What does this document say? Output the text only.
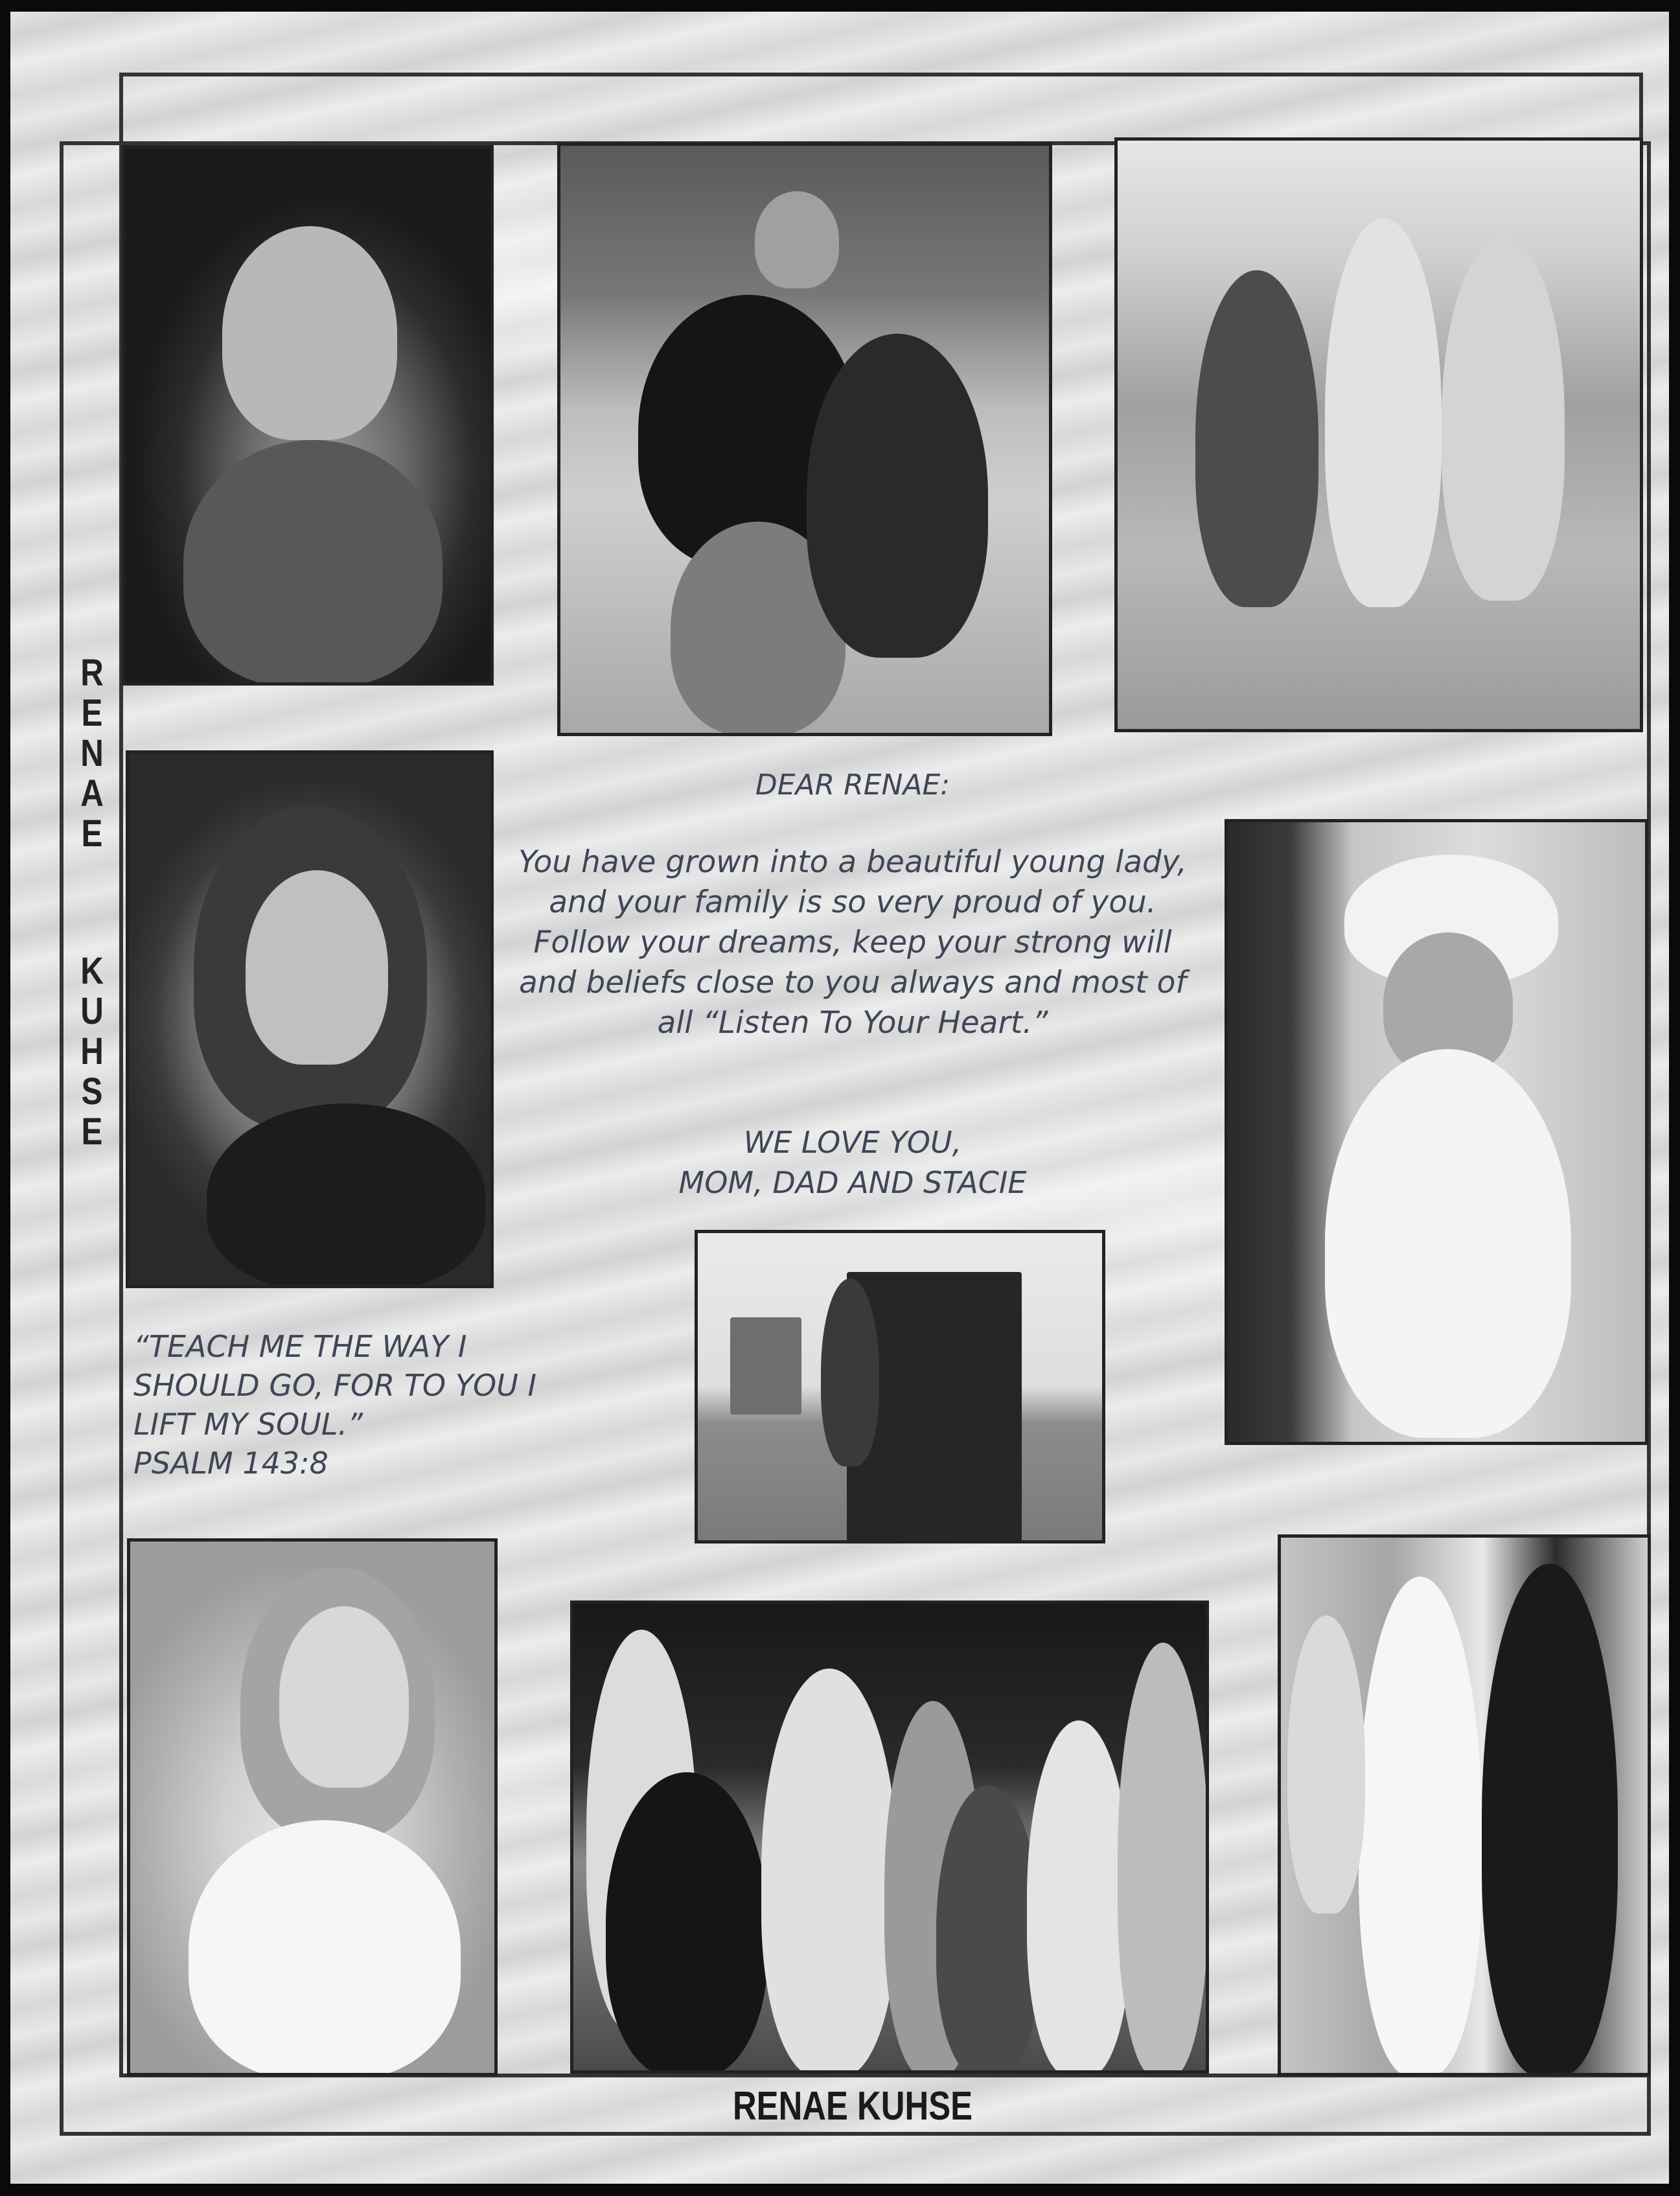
R
E
N
A
E
K
U
H
S
E
DEAR RENAE:
You have grown into a beautiful young lady, and your family is so very proud of you. Follow your dreams, keep your strong will and beliefs close to you always and most of all “Listen To Your Heart.”
WE LOVE YOU,
MOM, DAD AND STACIE
“TEACH ME THE WAY I
SHOULD GO, FOR TO YOU I
LIFT MY SOUL.”
PSALM 143:8
RENAE KUHSE
